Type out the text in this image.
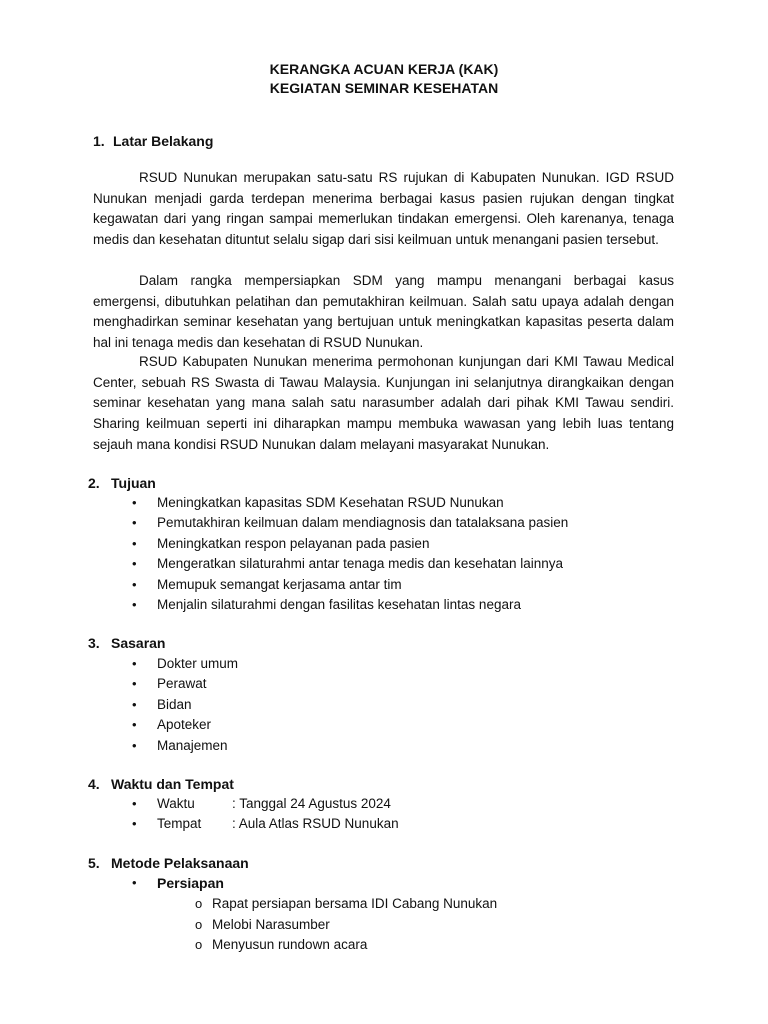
KERANGKA ACUAN KERJA (KAK)
KEGIATAN SEMINAR KESEHATAN
1. Latar Belakang

RSUD Nunukan merupakan satu-satu RS rujukan di Kabupaten Nunukan. IGD RSUD Nunukan menjadi garda terdepan menerima berbagai kasus pasien rujukan dengan tingkat kegawatan dari yang ringan sampai memerlukan tindakan emergensi. Oleh karenanya, tenaga medis dan kesehatan dituntut selalu sigap dari sisi keilmuan untuk menangani pasien tersebut.

Dalam rangka mempersiapkan SDM yang mampu menangani berbagai kasus emergensi, dibutuhkan pelatihan dan pemutakhiran keilmuan. Salah satu upaya adalah dengan menghadirkan seminar kesehatan yang bertujuan untuk meningkatkan kapasitas peserta dalam hal ini tenaga medis dan kesehatan di RSUD Nunukan.

RSUD Kabupaten Nunukan menerima permohonan kunjungan dari KMI Tawau Medical Center, sebuah RS Swasta di Tawau Malaysia. Kunjungan ini selanjutnya dirangkaikan dengan seminar kesehatan yang mana salah satu narasumber adalah dari pihak KMI Tawau sendiri. Sharing keilmuan seperti ini diharapkan mampu membuka wawasan yang lebih luas tentang sejauh mana kondisi RSUD Nunukan dalam melayani masyarakat Nunukan.

2. Tujuan
• Meningkatkan kapasitas SDM Kesehatan RSUD Nunukan
• Pemutakhiran keilmuan dalam mendiagnosis dan tatalaksana pasien
• Meningkatkan respon pelayanan pada pasien
• Mengeratkan silaturahmi antar tenaga medis dan kesehatan lainnya
• Memupuk semangat kerjasama antar tim
• Menjalin silaturahmi dengan fasilitas kesehatan lintas negara
3. Sasaran
• Dokter umum
• Perawat
• Bidan
• Apoteker
• Manajemen
4. Waktu dan Tempat
• Waktu	: Tanggal 24 Agustus 2024
• Tempat : Aula Atlas RSUD Nunukan
5. Metode Pelaksanaan
• Persiapan
o Rapat persiapan bersama IDI Cabang Nunukan
o Melobi Narasumber
o Menyusun rundown acara
